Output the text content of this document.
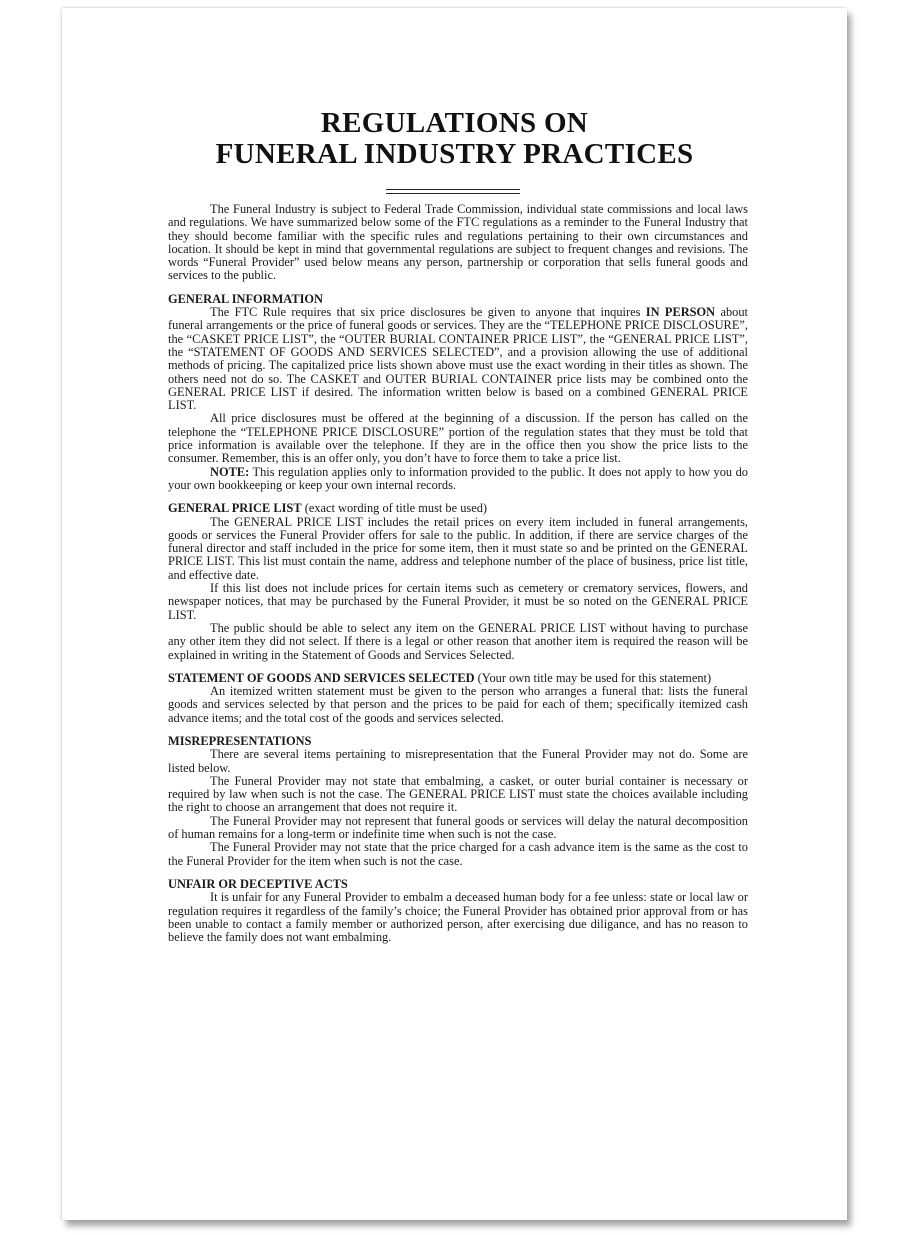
REGULATIONS ON
FUNERAL INDUSTRY PRACTICES

The Funeral Industry is subject to Federal Trade Commission, individual state commissions and local laws and regulations. We have summarized below some of the FTC regulations as a reminder to the Funeral Industry that they should become familiar with the specific rules and regulations pertaining to their own circumstances and location. It should be kept in mind that governmental regulations are subject to frequent changes and revisions. The words “Funeral Provider” used below means any person, partnership or corporation that sells funeral goods and services to the public.

GENERAL INFORMATION

The FTC Rule requires that six price disclosures be given to anyone that inquires IN PERSON about funeral arrangements or the price of funeral goods or services. They are the “TELEPHONE PRICE DISCLOSURE”, the “CASKET PRICE LIST”, the “OUTER BURIAL CONTAINER PRICE LIST”, the “GENERAL PRICE LIST”, the “STATEMENT OF GOODS AND SERVICES SELECTED”, and a provision allowing the use of additional methods of pricing. The capitalized price lists shown above must use the exact wording in their titles as shown. The others need not do so. The CASKET and OUTER BURIAL CONTAINER price lists may be combined onto the GENERAL PRICE LIST if desired. The information written below is based on a combined GENERAL PRICE LIST.

All price disclosures must be offered at the beginning of a discussion. If the person has called on the telephone the “TELEPHONE PRICE DISCLOSURE” portion of the regulation states that they must be told that price information is available over the telephone. If they are in the office then you show the price lists to the consumer. Remember, this is an offer only, you don’t have to force them to take a price list.

NOTE: This regulation applies only to information provided to the public. It does not apply to how you do your own bookkeeping or keep your own internal records.

GENERAL PRICE LIST (exact wording of title must be used)

The GENERAL PRICE LIST includes the retail prices on every item included in funeral arrangements, goods or services the Funeral Provider offers for sale to the public. In addition, if there are service charges of the funeral director and staff included in the price for some item, then it must state so and be printed on the GENERAL PRICE LIST. This list must contain the name, address and telephone number of the place of business, price list title, and effective date.

If this list does not include prices for certain items such as cemetery or crematory services, flowers, and newspaper notices, that may be purchased by the Funeral Provider, it must be so noted on the GENERAL PRICE LIST.

The public should be able to select any item on the GENERAL PRICE LIST without having to purchase any other item they did not select. If there is a legal or other reason that another item is required the reason will be explained in writing in the Statement of Goods and Services Selected.

STATEMENT OF GOODS AND SERVICES SELECTED (Your own title may be used for this statement)

An itemized written statement must be given to the person who arranges a funeral that: lists the funeral goods and services selected by that person and the prices to be paid for each of them; specifically itemized cash advance items; and the total cost of the goods and services selected.

MISREPRESENTATIONS

There are several items pertaining to misrepresentation that the Funeral Provider may not do. Some are listed below.

The Funeral Provider may not state that embalming, a casket, or outer burial container is necessary or required by law when such is not the case. The GENERAL PRICE LIST must state the choices available including the right to choose an arrangement that does not require it.

The Funeral Provider may not represent that funeral goods or services will delay the natural decomposition of human remains for a long-term or indefinite time when such is not the case.

The Funeral Provider may not state that the price charged for a cash advance item is the same as the cost to the Funeral Provider for the item when such is not the case.

UNFAIR OR DECEPTIVE ACTS

It is unfair for any Funeral Provider to embalm a deceased human body for a fee unless: state or local law or regulation requires it regardless of the family’s choice; the Funeral Provider has obtained prior approval from or has been unable to contact a family member or authorized person, after exercising due diligance, and has no reason to believe the family does not want embalming.
